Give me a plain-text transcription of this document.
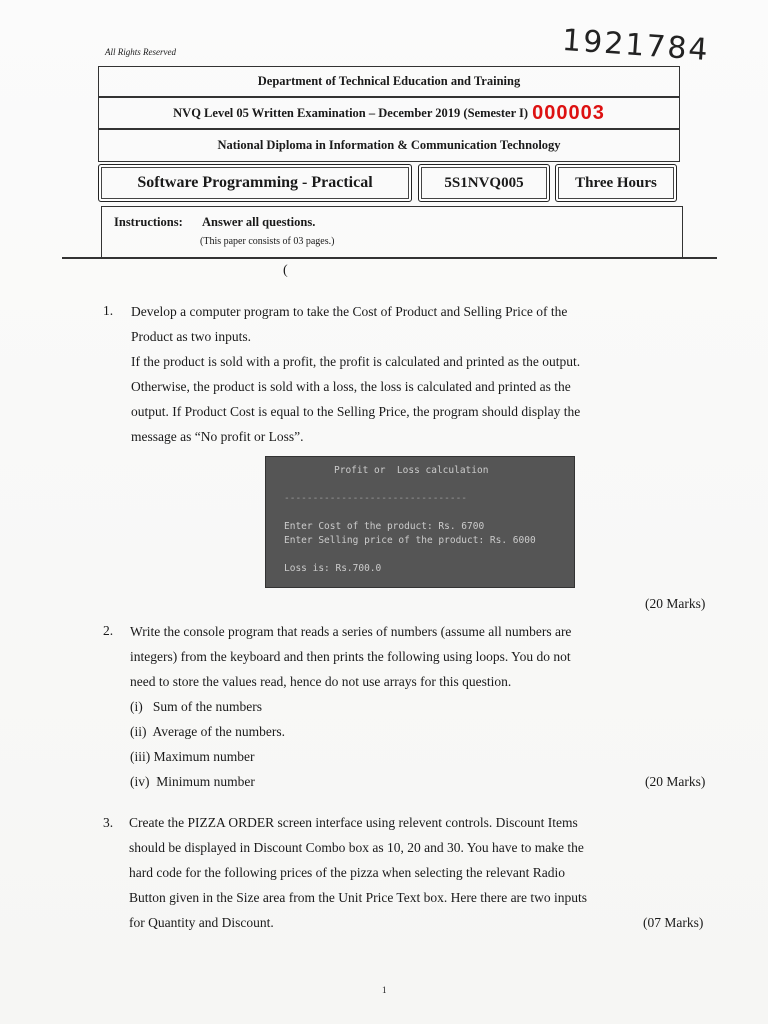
All Rights Reserved	1921784
Department of Technical Education and Training
NVQ Level 05 Written Examination – December 2019 (Semester I) 000003
National Diploma in Information & Communication Technology
Software Programming - Practical	5S1NVQ005	Three Hours
Instructions: Answer all questions.
(This paper consists of 03 pages.)
(
1. Develop a computer program to take the Cost of Product and Selling Price of the
Product as two inputs.
If the product is sold with a profit, the profit is calculated and printed as the output.
Otherwise, the product is sold with a loss, the loss is calculated and printed as the
output. If Product Cost is equal to the Selling Price, the program should display the
message as “No profit or Loss”.
Profit or  Loss calculation
--------------------------------
Enter Cost of the product: Rs. 6700
Enter Selling price of the product: Rs. 6000
Loss is: Rs.700.0
(20 Marks)
2. Write the console program that reads a series of numbers (assume all numbers are
integers) from the keyboard and then prints the following using loops. You do not
need to store the values read, hence do not use arrays for this question.
(i)   Sum of the numbers
(ii)  Average of the numbers.
(iii) Maximum number
(iv)  Minimum number	(20 Marks)
3. Create the PIZZA ORDER screen interface using relevent controls. Discount Items
should be displayed in Discount Combo box as 10, 20 and 30. You have to make the
hard code for the following prices of the pizza when selecting the relevant Radio
Button given in the Size area from the Unit Price Text box. Here there are two inputs
for Quantity and Discount.	(07 Marks)
1
